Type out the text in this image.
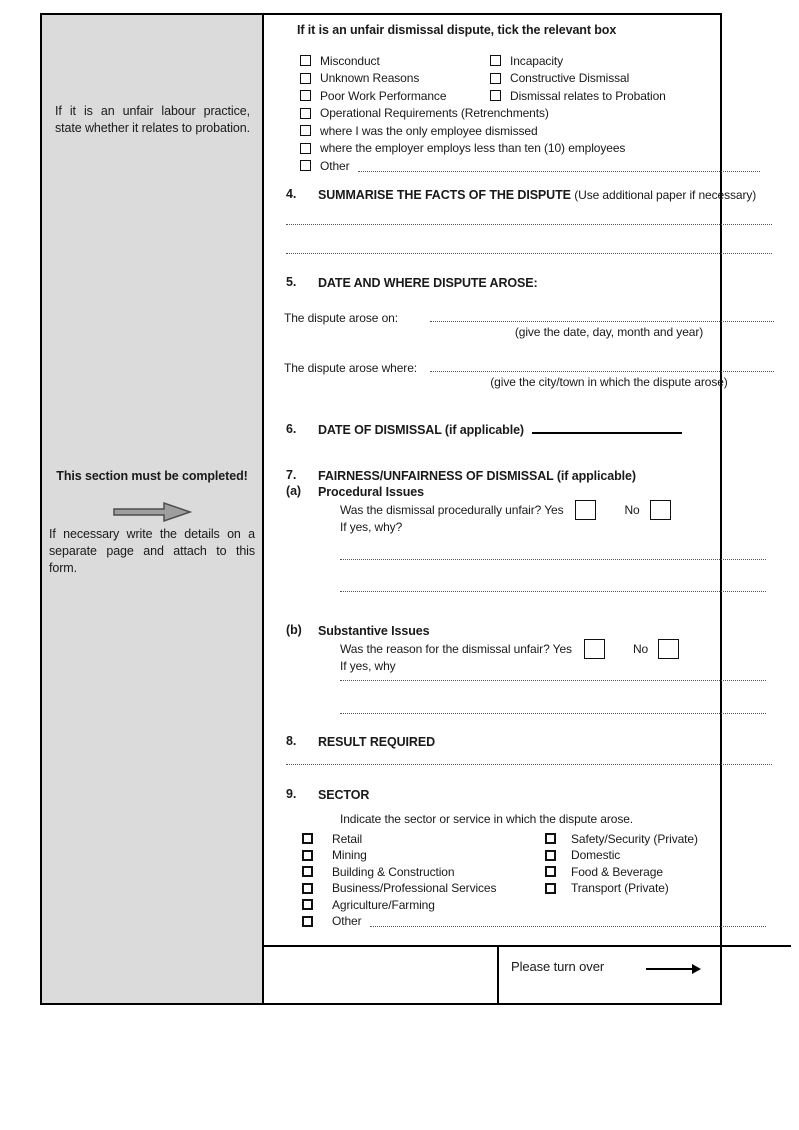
If it is an unfair labour practice, state whether it relates to probation.
This section must be completed!
If necessary write the details on a separate page and attach to this form.
If it is an unfair dismissal dispute, tick the relevant box
Misconduct	Incapacity
Unknown Reasons	Constructive Dismissal
Poor Work Performance	Dismissal relates to Probation
Operational Requirements (Retrenchments)
where I was the only employee dismissed
where the employer employs less than ten (10) employees
Other
4.	SUMMARISE THE FACTS OF THE DISPUTE (Use additional paper if necessary)
5.	DATE AND WHERE DISPUTE AROSE:
The dispute arose on:
(give the date, day, month and year)
The dispute arose where:
(give the city/town in which the dispute arose)
6.	DATE OF DISMISSAL (if applicable)
7.	FAIRNESS/UNFAIRNESS OF DISMISSAL (if applicable)
(a)	Procedural Issues
Was the dismissal procedurally unfair? Yes	No
If yes, why?
(b)	Substantive Issues
Was the reason for the dismissal unfair? Yes	No
If yes, why
8.	RESULT REQUIRED
9.	SECTOR
Indicate the sector or service in which the dispute arose.
Retail	Safety/Security (Private)
Mining	Domestic
Building & Construction	Food & Beverage
Business/Professional Services	Transport (Private)
Agriculture/Farming
Other
Please turn over
